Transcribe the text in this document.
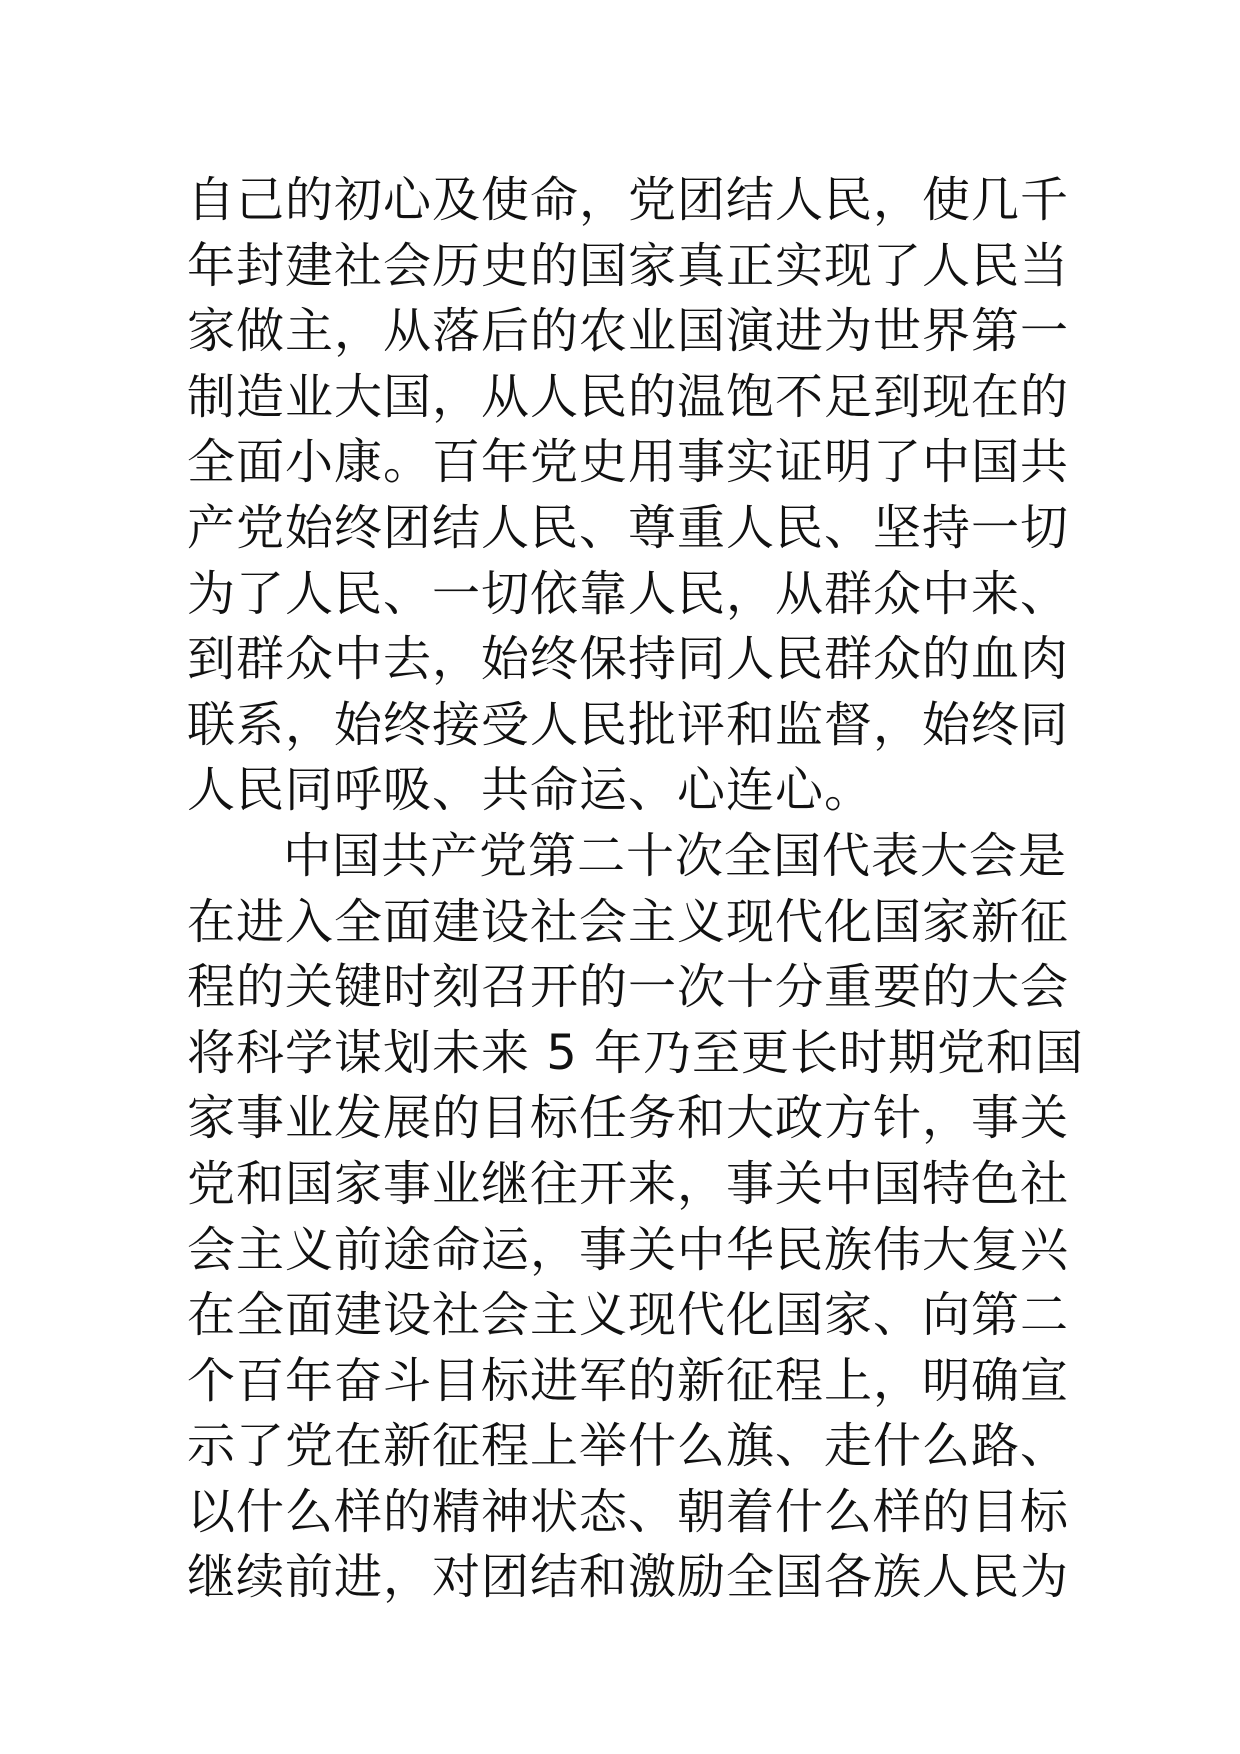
自己的初心及使命，党团结人民，使几千
年封建社会历史的国家真正实现了人民当
家做主，从落后的农业国演进为世界第一
制造业大国，从人民的温饱不足到现在的
全面小康。百年党史用事实证明了中国共
产党始终团结人民、尊重人民、坚持一切
为了人民、一切依靠人民，从群众中来、
到群众中去，始终保持同人民群众的血肉
联系，始终接受人民批评和监督，始终同
人民同呼吸、共命运、心连心。
中国共产党第二十次全国代表大会是
在进入全面建设社会主义现代化国家新征
程的关键时刻召开的一次十分重要的大会
将科学谋划未来 5 年乃至更长时期党和国
家事业发展的目标任务和大政方针，事关
党和国家事业继往开来，事关中国特色社
会主义前途命运，事关中华民族伟大复兴
在全面建设社会主义现代化国家、向第二
个百年奋斗目标进军的新征程上，明确宣
示了党在新征程上举什么旗、走什么路、
以什么样的精神状态、朝着什么样的目标
继续前进，对团结和激励全国各族人民为
